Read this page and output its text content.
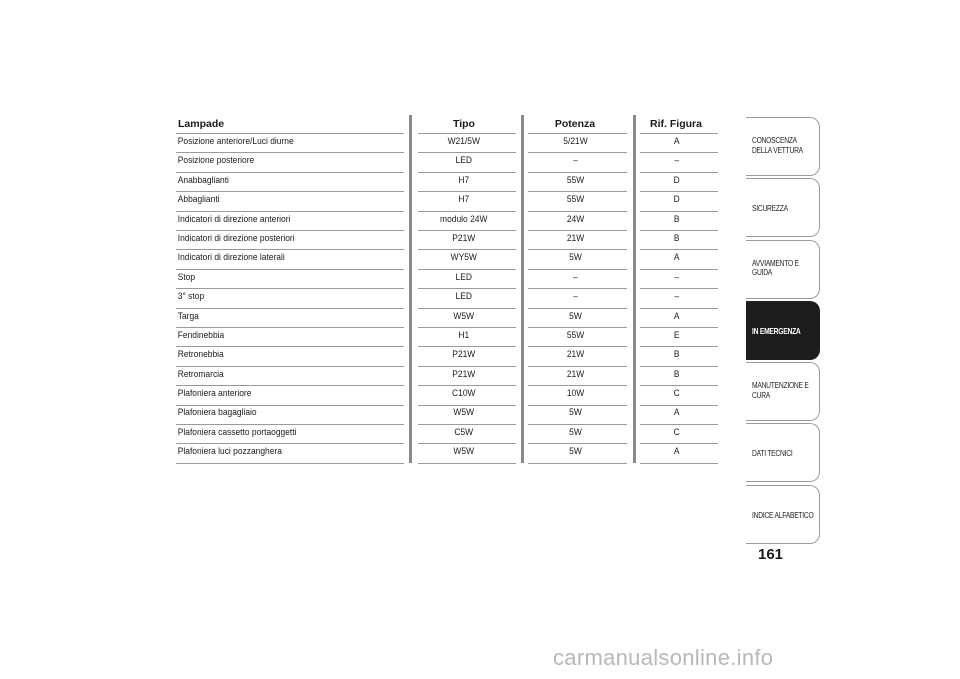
Lampade	Tipo	Potenza	Rif. Figura
Posizione anteriore/Luci diurne	W21/5W	5/21W	A
Posizione posteriore	LED	–	–
Anabbaglianti	H7	55W	D
Abbaglianti	H7	55W	D
Indicatori di direzione anteriori	modulo 24W	24W	B
Indicatori di direzione posteriori	P21W	21W	B
Indicatori di direzione laterali	WY5W	5W	A
Stop	LED	–	–
3° stop	LED	–	–
Targa	W5W	5W	A
Fendinebbia	H1	55W	E
Retronebbia	P21W	21W	B
Retromarcia	P21W	21W	B
Plafoniera anteriore	C10W	10W	C
Plafoniera bagagliaio	W5W	5W	A
Plafoniera cassetto portaoggetti	C5W	5W	C
Plafoniera luci pozzanghera	W5W	5W	A
CONOSCENZA
DELLA VETTURA
SICUREZZA
AVVIAMENTO E
GUIDA
IN EMERGENZA
MANUTENZIONE E
CURA
DATI TECNICI
INDICE ALFABETICO
161
carmanualsonline.info
